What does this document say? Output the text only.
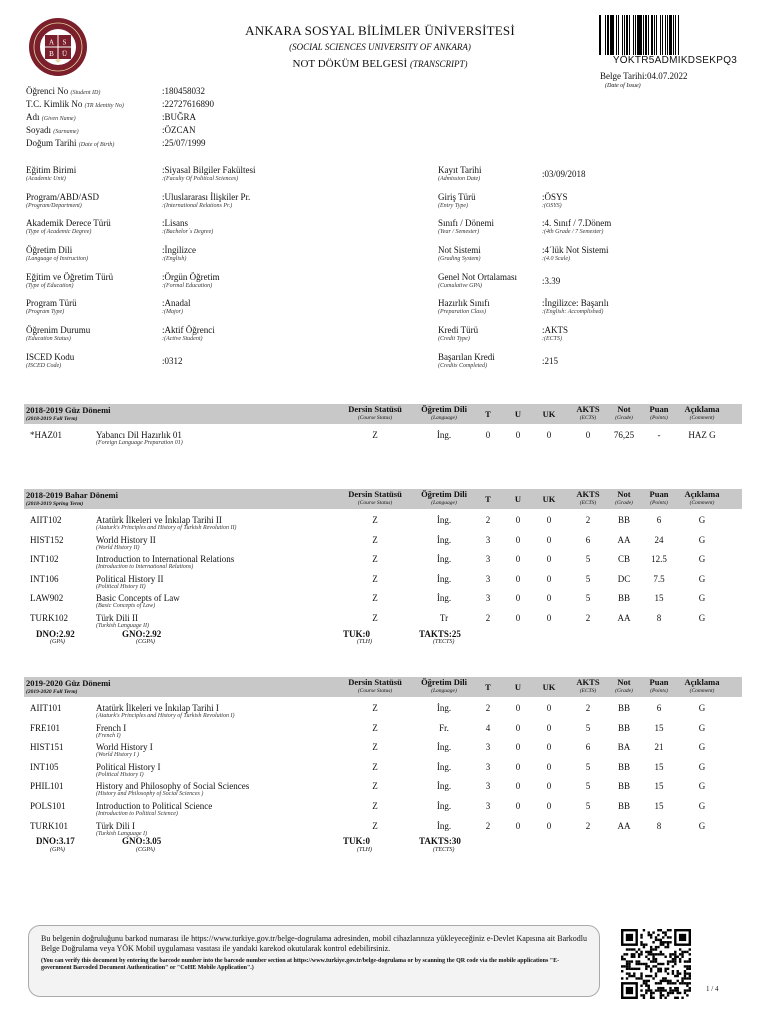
A S
B Ü
ANKARA SOSYAL BİLİMLER ÜNİVERSİTESİ
(SOCIAL SCIENCES UNIVERSITY OF ANKARA)
NOT DÖKÜM BELGESİ (TRANSCRIPT)	YÖKTR5ADMIKDSEKPQ3
Belge Tarihi:04.07.2022
(Date of Issue)
Öğrenci No (Student ID)	:180458032
T.C. Kimlik No (TR Identity No)	:22727616890
Adı (Given Name)	:BUĞRA
Soyadı (Surname)	:ÖZCAN
Doğum Tarihi (Date of Birth)	:25/07/1999
Eğitim Birimi
(Academic Unit)
:Siyasal Bilgiler Fakültesi
:(Faculty Of Political Sciences)
Program/ABD/ASD
(Program/Department)
:Uluslararası İlişkiler Pr.
:(International Relations Pr.)
Akademik Derece Türü
(Type of Academic Degree)
:Lisans
:(Bachelor´s Degree)
Öğretim Dili
(Language of Instruction)
:İngilizce
:(English)
Eğitim ve Öğretim Türü
(Type of Education)
:Örgün Öğretim
:(Formal Education)
Program Türü
(Program Type)
:Anadal
:(Major)
Öğrenim Durumu
(Education Status)
:Aktif Öğrenci
:(Active Student)
ISCED Kodu
(ISCED Code)
:0312
Kayıt Tarihi
(Admission Date)
:03/09/2018
Giriş Türü
(Entry Type)
:ÖSYS
:(OSYS)
Sınıfı / Dönemi
(Year / Semester)
:4. Sınıf / 7.Dönem
:(4th Grade / 7 Semester)
Not Sistemi
(Grading System)
:4´lük Not Sistemi
:(4.0 Scale)
Genel Not Ortalaması
(Cumulative GPA)
:3.39
Hazırlık Sınıfı
(Preparation Class)
:İngilizce: Başarılı
:(English: Accomplished)
Kredi Türü
(Credit Type)
:AKTS
:(ECTS)
Başarılan Kredi
(Credits Completed)
:215
2018-2019 Güz Dönemi
(2018-2019 Fall Term)
Dersin Statüsü
(Course Status)
Öğretim Dili
(Language)	T	U	UK	AKTS
(ECTS)
Not
(Grade)
Puan
(Points)
Açıklama
(Comment)
*HAZ01	Yabancı Dil Hazırlık 01
(Foreign Language Preparation 01)
Z	İng.	0	0	0	0	76,25	-	HAZ G
2018-2019 Bahar Dönemi
(2018-2019 Spring Term)
Dersin Statüsü
(Course Status)
Öğretim Dili
(Language)	T	U	UK	AKTS
(ECTS)
Not
(Grade)
Puan
(Points)
Açıklama
(Comment)
AIIT102	Atatürk İlkeleri ve İnkılap Tarihi II
(Ataturk's Principles and History of Turkish Revolution II)
Z	İng.	2	0	0	2	BB	6	G
HIST152	World History II
(World History II)
Z	İng.	3	0	0	6	AA	24	G
INT102	Introduction to International Relations
(Introduction to International Relations)
Z	İng.	3	0	0	5	CB	12.5	G
INT106	Political History II
(Political History II)
Z	İng.	3	0	0	5	DC	7.5	G
LAW902	Basic Concepts of Law
(Basic Concepts of Law)
Z	İng.	3	0	0	5	BB	15	G
TURK102	Türk Dili II
(Turkish Language II)
Z	Tr	2	0	0	2	AA	8	G
DNO:2.92
(GPA)
GNO:2.92
(CGPA)
TUK:0
(TLH)
TAKTS:25
(TECTS)
2019-2020 Güz Dönemi
(2019-2020 Fall Term)
Dersin Statüsü
(Course Status)
Öğretim Dili
(Language)	T	U	UK	AKTS
(ECTS)
Not
(Grade)
Puan
(Points)
Açıklama
(Comment)
AIIT101	Atatürk İlkeleri ve İnkılap Tarihi I
(Ataturk's Principles and History of Turkish Revolution I)
Z	İng.	2	0	0	2	BB	6	G
FRE101	French I
(French I)
Z	Fr.	4	0	0	5	BB	15	G
HIST151	World History I
(World History I )
Z	İng.	3	0	0	6	BA	21	G
INT105	Political History I
(Political History I)
Z	İng.	3	0	0	5	BB	15	G
PHIL101	History and Philosophy of Social Sciences
(History and Philosophy of Social Sciences )
Z	İng.	3	0	0	5	BB	15	G
POLS101	Introduction to Political Science
(Introduction to Political Science)
Z	İng.	3	0	0	5	BB	15	G
TURK101	Türk Dili I
(Turkish Language I)
Z	İng.	2	0	0	2	AA	8	G
DNO:3.17
(GPA)
GNO:3.05
(CGPA)
TUK:0
(TLH)
TAKTS:30
(TECTS)
Bu belgenin doğruluğunu barkod numarası ile https://www.turkiye.gov.tr/belge-dogrulama adresinden, mobil cihazlarınıza yükleyeceğiniz e-Devlet Kapısına ait Barkodlu Belge Doğrulama veya YÖK Mobil uygulaması vasıtası ile yandaki karekod okutularak kontrol edebilirsiniz.
(You can verify this document by entering the barcode number into the barcode number section at https://www.turkiye.gov.tr/belge-dogrulama or by scanning the QR code via the mobile applications "E-government Barcoded Document Authentication" or "CoHE Mobile Application".)
1 / 4
